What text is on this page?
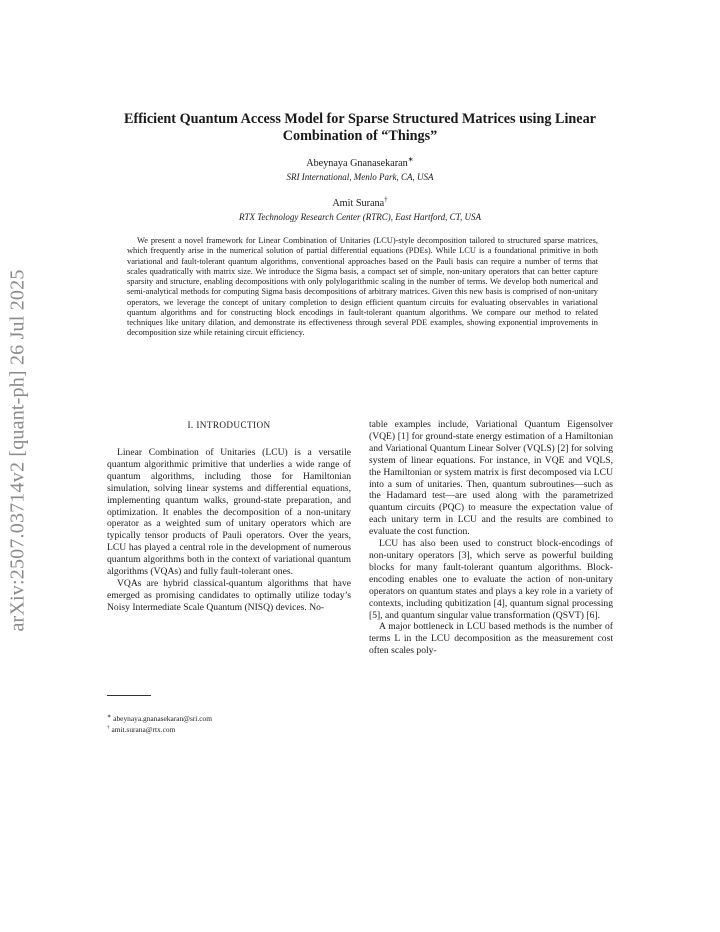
arXiv:2507.03714v2 [quant-ph] 26 Jul 2025
Efficient Quantum Access Model for Sparse Structured Matrices using Linear Combination of “Things”
Abeynaya Gnanasekaran∗
SRI International, Menlo Park, CA, USA
Amit Surana†
RTX Technology Research Center (RTRC), East Hartford, CT, USA

We present a novel framework for Linear Combination of Unitaries (LCU)-style decomposition tailored to structured sparse matrices, which frequently arise in the numerical solution of partial differential equations (PDEs). While LCU is a foundational primitive in both variational and fault-tolerant quantum algorithms, conventional approaches based on the Pauli basis can require a number of terms that scales quadratically with matrix size. We introduce the Sigma basis, a compact set of simple, non-unitary operators that can better capture sparsity and structure, enabling decompositions with only polylogarithmic scaling in the number of terms. We develop both numerical and semi-analytical methods for computing Sigma basis decompositions of arbitrary matrices. Given this new basis is comprised of non-unitary operators, we leverage the concept of unitary completion to design efficient quantum circuits for evaluating observables in variational quantum algorithms and for constructing block encodings in fault-tolerant quantum algorithms. We compare our method to related techniques like unitary dilation, and demonstrate its effectiveness through several PDE examples, showing exponential improvements in decomposition size while retaining circuit efficiency.

I. INTRODUCTION

Linear Combination of Unitaries (LCU) is a versatile quantum algorithmic primitive that underlies a wide range of quantum algorithms, including those for Hamiltonian simulation, solving linear systems and differential equations, implementing quantum walks, ground-state preparation, and optimization. It enables the decomposition of a non-unitary operator as a weighted sum of unitary operators which are typically tensor products of Pauli operators. Over the years, LCU has played a central role in the development of numerous quantum algorithms both in the context of variational quantum algorithms (VQAs) and fully fault-tolerant ones.

VQAs are hybrid classical-quantum algorithms that have emerged as promising candidates to optimally utilize today’s Noisy Intermediate Scale Quantum (NISQ) devices. No-

table examples include, Variational Quantum Eigensolver (VQE) [1] for ground-state energy estimation of a Hamiltonian and Variational Quantum Linear Solver (VQLS) [2] for solving system of linear equations. For instance, in VQE and VQLS, the Hamiltonian or system matrix is first decomposed via LCU into a sum of unitaries. Then, quantum subroutines—such as the Hadamard test—are used along with the parametrized quantum circuits (PQC) to measure the expectation value of each unitary term in LCU and the results are combined to evaluate the cost function.

LCU has also been used to construct block-encodings of non-unitary operators [3], which serve as powerful building blocks for many fault-tolerant quantum algorithms. Block-encoding enables one to evaluate the action of non-unitary operators on quantum states and plays a key role in a variety of contexts, including qubitization [4], quantum signal processing [5], and quantum singular value transformation (QSVT) [6].

A major bottleneck in LCU based methods is the number of terms L in the LCU decomposition as the measurement cost often scales poly-

∗ abeynaya.gnanasekaran@sri.com
† amit.surana@rtx.com
